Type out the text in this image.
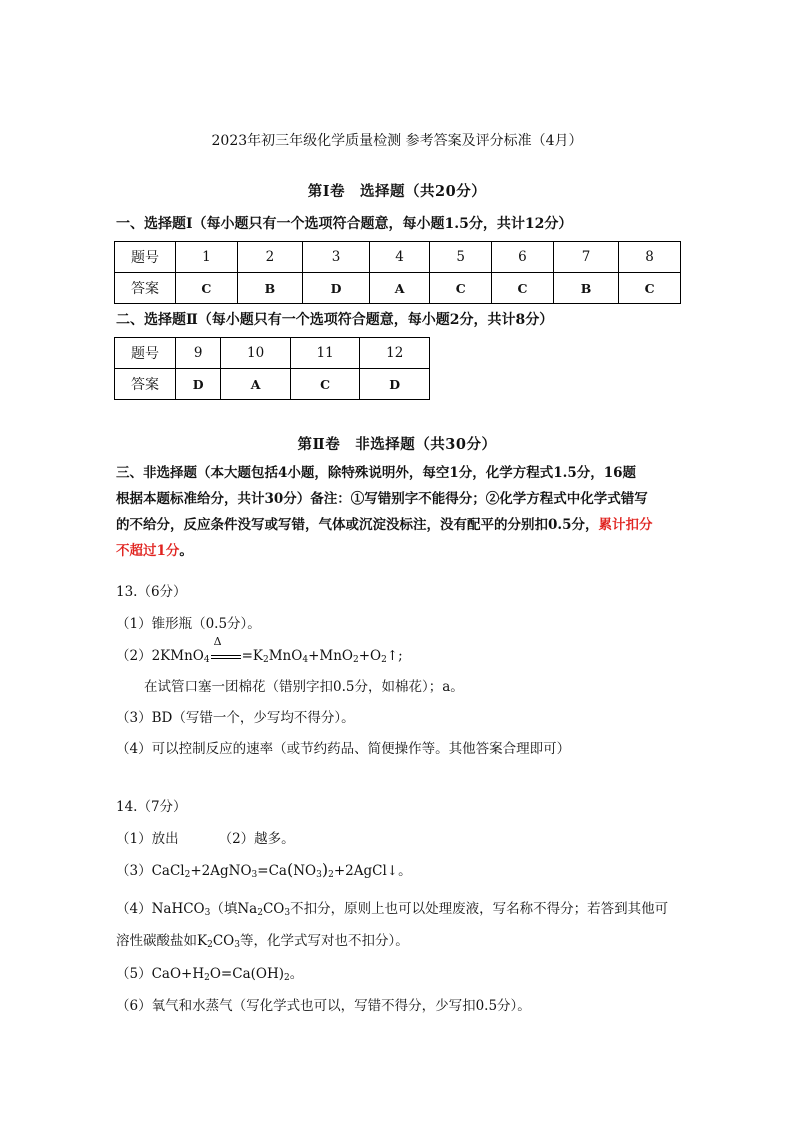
2023年初三年级化学质量检测 参考答案及评分标准（4月）
第Ⅰ卷　选择题（共20分）
一、选择题Ⅰ（每小题只有一个选项符合题意，每小题1.5分，共计12分）
题号	1	2	3	4	5	6	7	8
答案	C	B	D	A	C	C	B	C
二、选择题Ⅱ（每小题只有一个选项符合题意，每小题2分，共计8分）
题号	9	10	11	12
答案	D	A	C	D
第Ⅱ卷　非选择题（共30分）
三、非选择题（本大题包括4小题，除特殊说明外，每空1分，化学方程式1.5分，16题
根据本题标准给分，共计30分）备注：①写错别字不能得分；②化学方程式中化学式错写
的不给分，反应条件没写或写错，气体或沉淀没标注，没有配平的分别扣0.5分，累计扣分
不超过1分。
13.（6分）
（1）锥形瓶（0.5分）。
（2）2KMnO$_4$
Δ
$=K_2MnO_4+MnO_2+O_2↑$;
在试管口塞一团棉花（错别字扣0.5分，如棉花）；a。
（3）BD（写错一个，少写均不得分）。
（4）可以控制反应的速率（或节约药品、简便操作等。其他答案合理即可）
14.（7分）
（1）放出	（2）越多。
$(3)CaCl_2+2AgNO_3=Ca(NO_3)_2+2AgCl↓$。
（4）NaHCO$_3$（填$Na_2CO_3$不扣分，原则上也可以处理废液，写名称不得分；若答到其他可
溶性碳酸盐如$K_2CO_3$等，化学式写对也不扣分）。
$(5)CaO+H_2O=Ca(OH)_2$。
（6）氧气和水蒸气（写化学式也可以，写错不得分，少写扣0.5分）。
